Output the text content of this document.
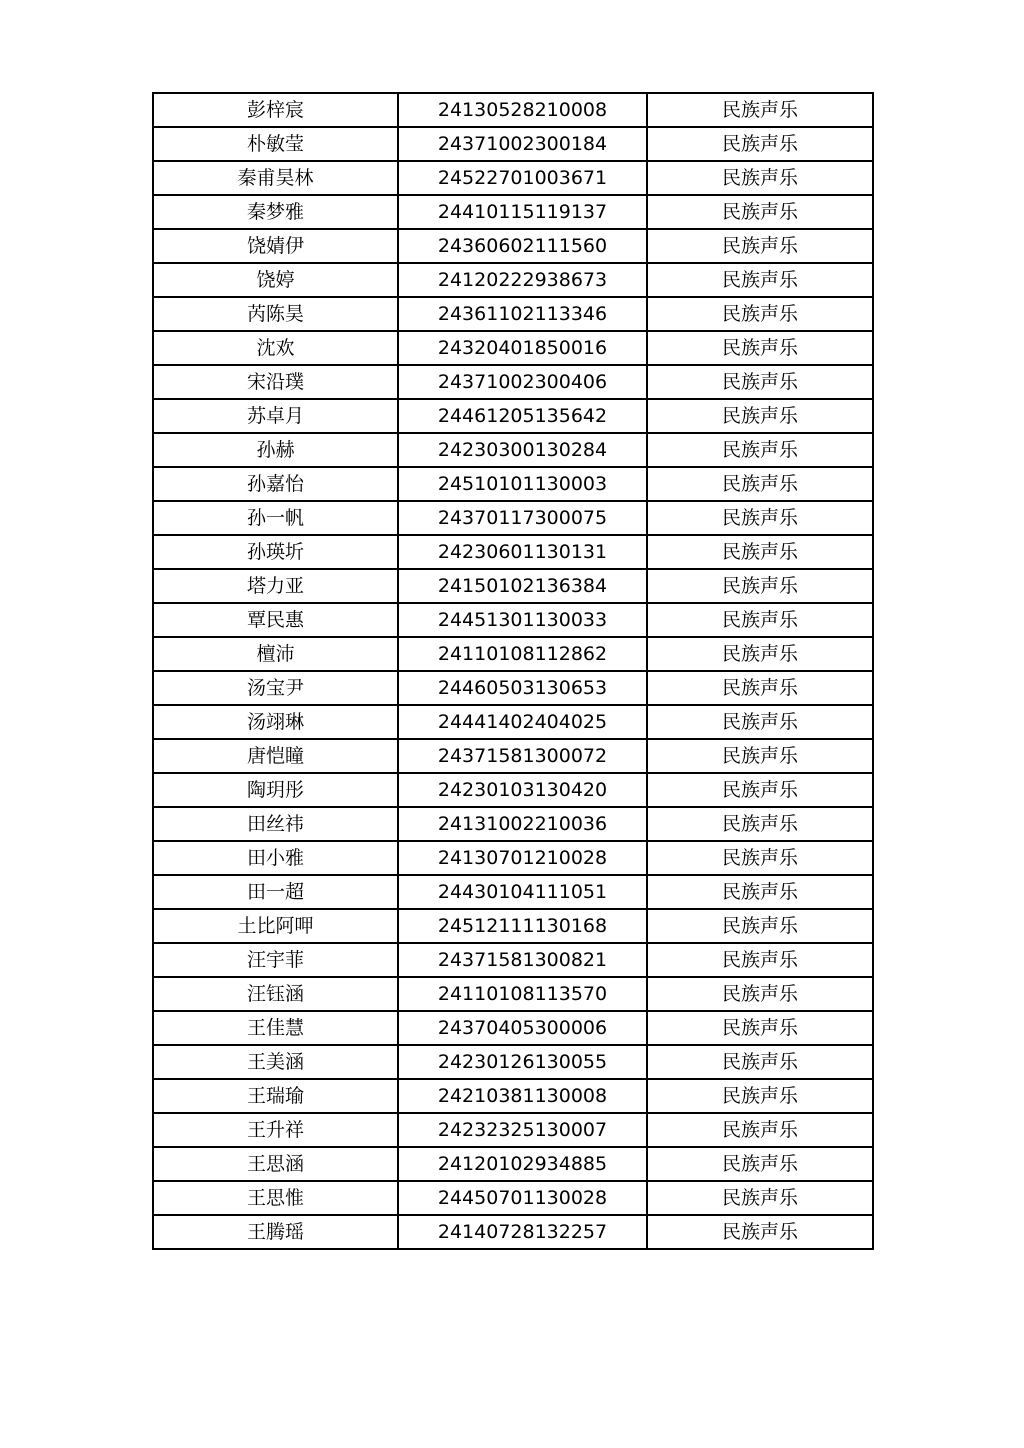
彭梓宸	24130528210008	民族声乐
朴敏莹	24371002300184	民族声乐
秦甫昊林	24522701003671	民族声乐
秦梦雅	24410115119137	民族声乐
饶婧伊	24360602111560	民族声乐
饶婷	24120222938673	民族声乐
芮陈昊	24361102113346	民族声乐
沈欢	24320401850016	民族声乐
宋沿璞	24371002300406	民族声乐
苏卓月	24461205135642	民族声乐
孙赫	24230300130284	民族声乐
孙嘉怡	24510101130003	民族声乐
孙一帆	24370117300075	民族声乐
孙瑛圻	24230601130131	民族声乐
塔力亚	24150102136384	民族声乐
覃民惠	24451301130033	民族声乐
檀沛	24110108112862	民族声乐
汤宝尹	24460503130653	民族声乐
汤翊琳	24441402404025	民族声乐
唐恺瞳	24371581300072	民族声乐
陶玥彤	24230103130420	民族声乐
田丝祎	24131002210036	民族声乐
田小雅	24130701210028	民族声乐
田一超	24430104111051	民族声乐
土比阿呷	24512111130168	民族声乐
汪宇菲	24371581300821	民族声乐
汪钰涵	24110108113570	民族声乐
王佳慧	24370405300006	民族声乐
王美涵	24230126130055	民族声乐
王瑞瑜	24210381130008	民族声乐
王升祥	24232325130007	民族声乐
王思涵	24120102934885	民族声乐
王思惟	24450701130028	民族声乐
王腾瑶	24140728132257	民族声乐
